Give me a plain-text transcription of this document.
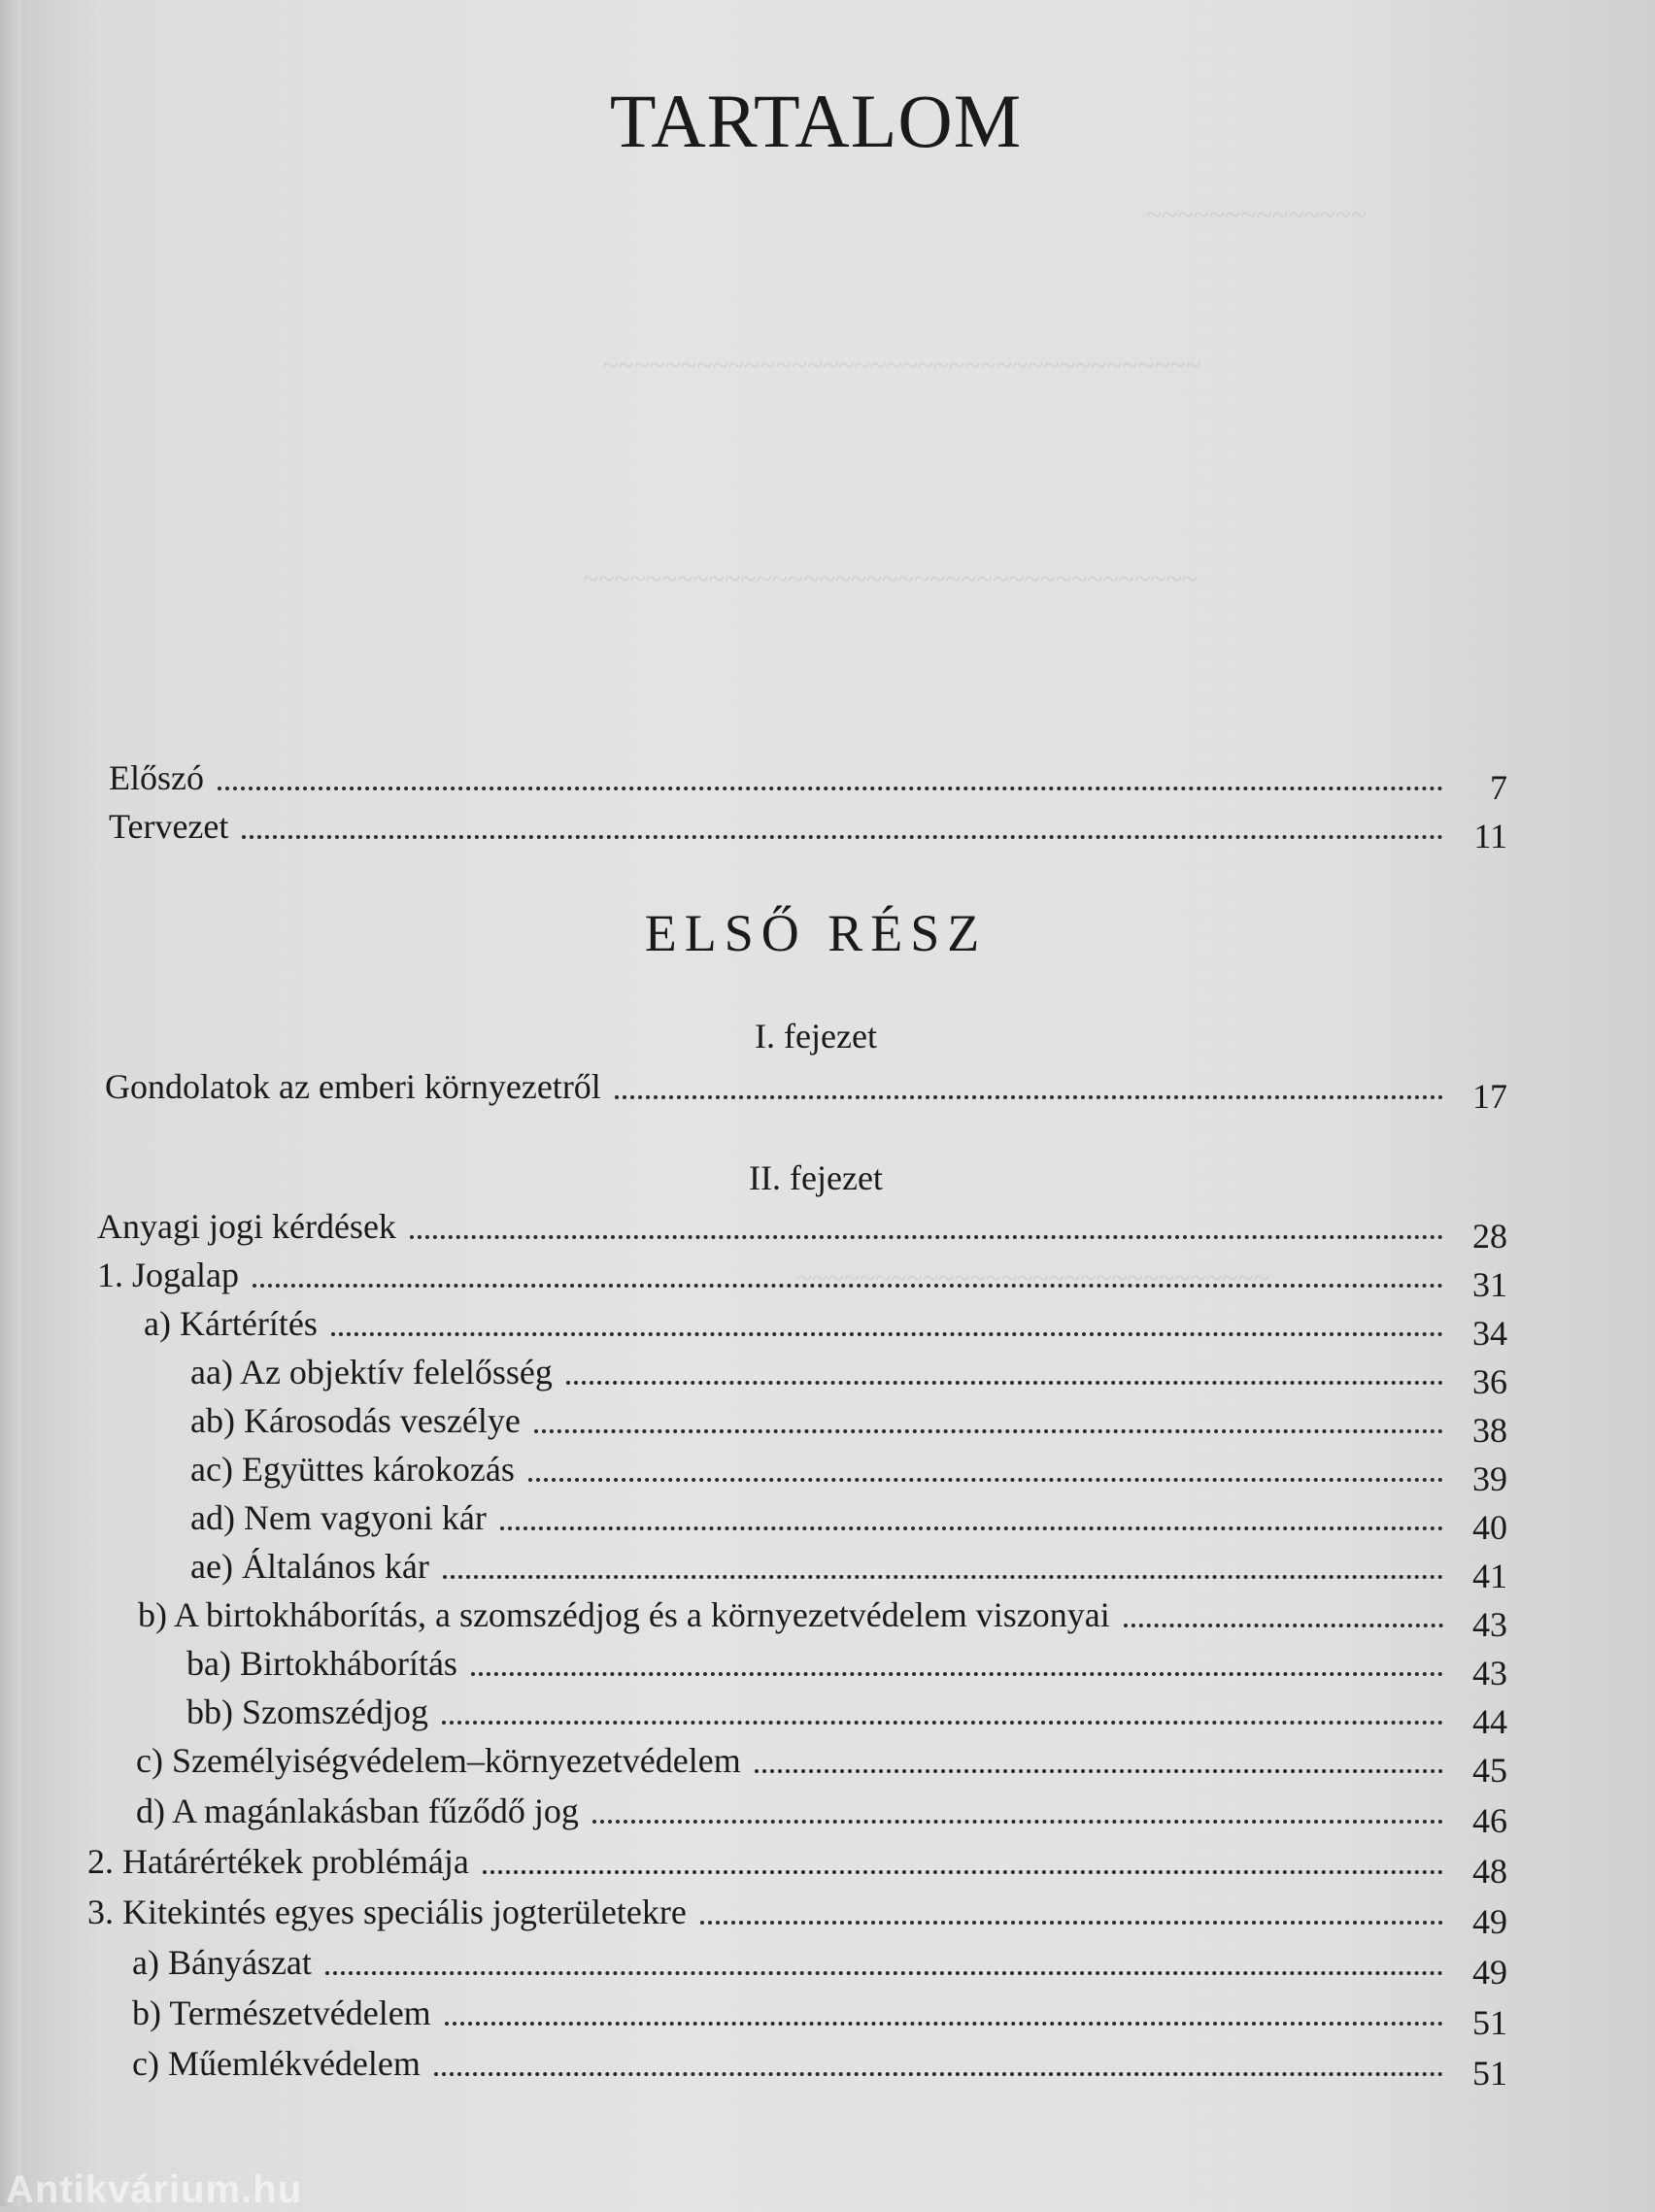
~~~~~~~~~~~~~~
~~~~~~~~~~~~~~~~~~~~~~~~~~~~~~~~~~~~~~
~~~~~~~~~~~~~~~~~~~~~~~~~~~~~~~~~~~~~~~
~~~~~~~~~~~~~~~~~~~~~~~~~~~~~~
TARTALOM
Előszó	7
Tervezet	11
ELSŐ RÉSZ
I. fejezet
Gondolatok az emberi környezetről	17
II. fejezet
Anyagi jogi kérdések	28
1. Jogalap	31
a) Kártérítés	34
aa) Az objektív felelősség	36
ab) Károsodás veszélye	38
ac) Együttes károkozás	39
ad) Nem vagyoni kár	40
ae) Általános kár	41
b) A birtokháborítás, a szomszédjog és a környezetvédelem viszonyai	43
ba) Birtokháborítás	43
bb) Szomszédjog	44
c) Személyiségvédelem–környezetvédelem	45
d) A magánlakásban fűződő jog	46
2. Határértékek problémája	48
3. Kitekintés egyes speciális jogterületekre	49
a) Bányászat	49
b) Természetvédelem	51
c) Műemlékvédelem	51
Antikvárium.hu
